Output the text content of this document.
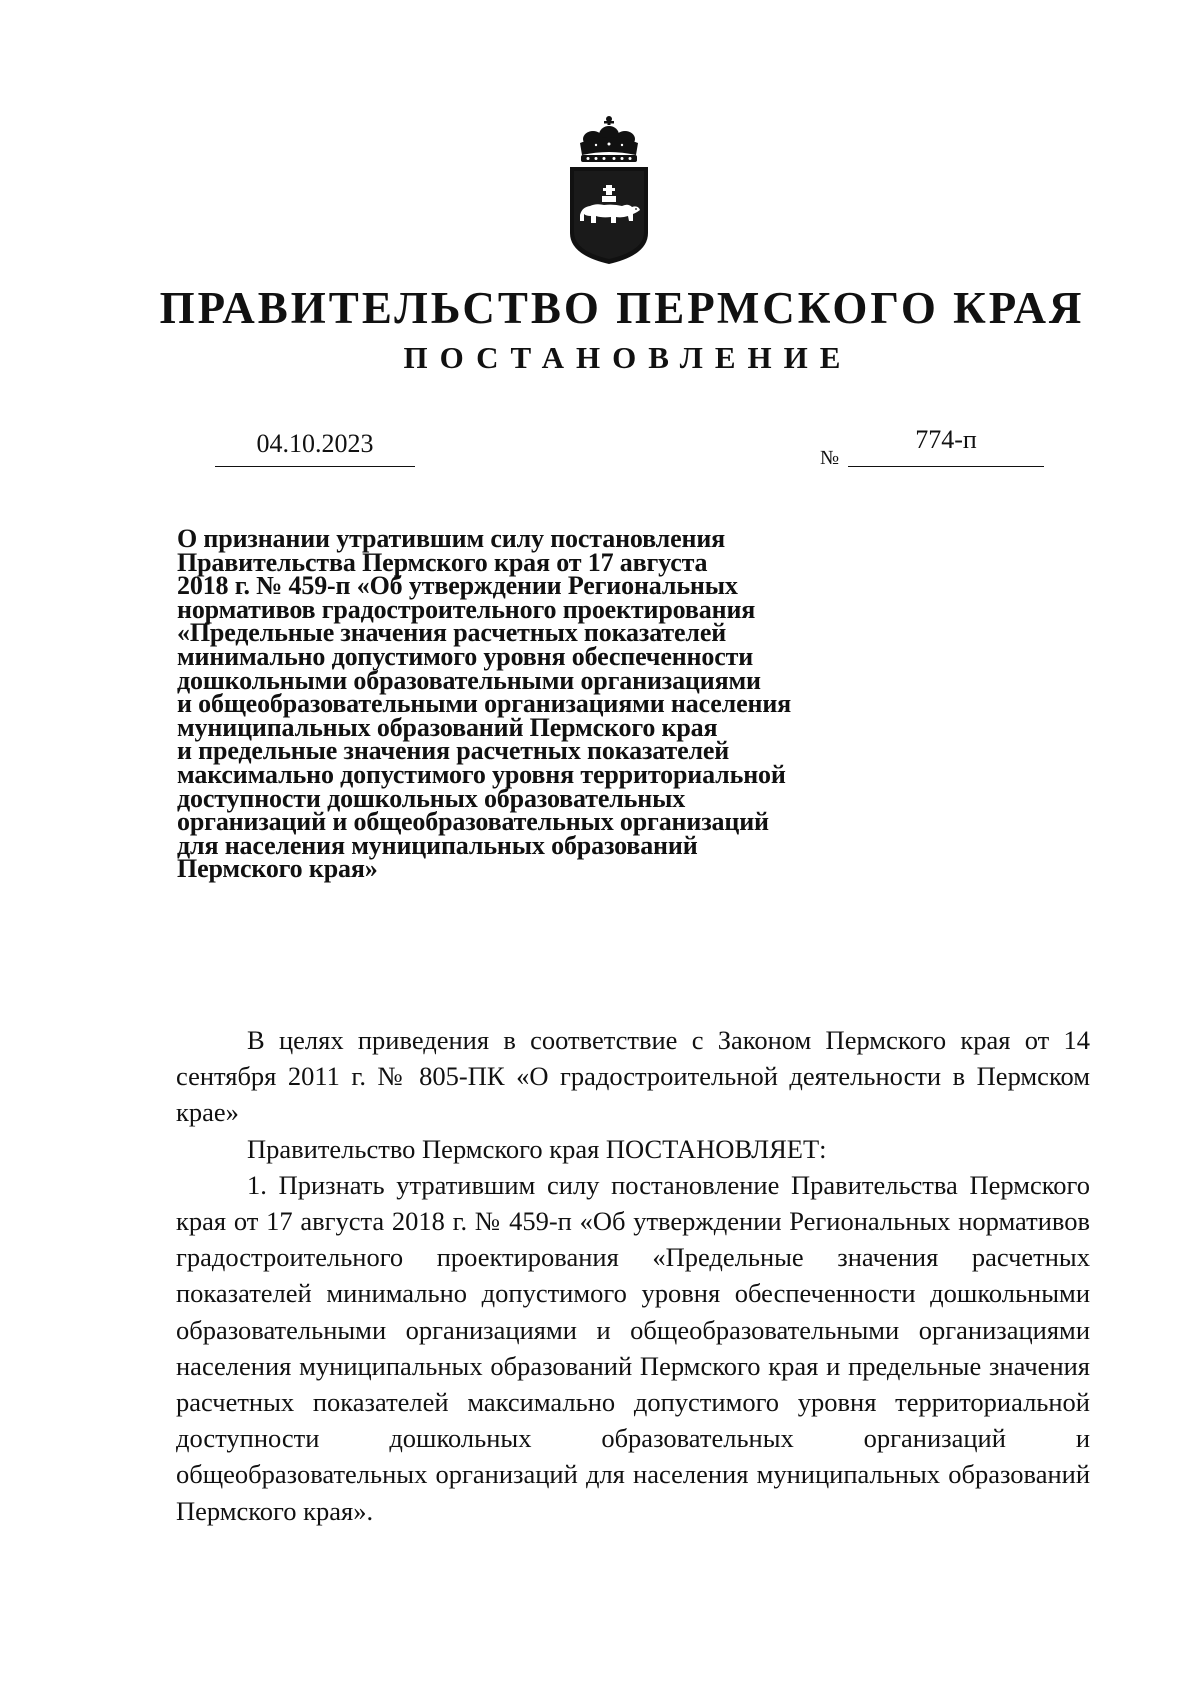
ПРАВИТЕЛЬСТВО ПЕРМСКОГО КРАЯ
ПОСТАНОВЛЕНИЕ
04.10.2023	№
774-п
О признании утратившим силу постановления
Правительства Пермского края от 17 августа
2018 г. № 459-п «Об утверждении Региональных
нормативов градостроительного проектирования
«Предельные значения расчетных показателей
минимально допустимого уровня обеспеченности
дошкольными образовательными организациями
и общеобразовательными организациями населения
муниципальных образований Пермского края
и предельные значения расчетных показателей
максимально допустимого уровня территориальной
доступности дошкольных образовательных
организаций и общеобразовательных организаций
для населения муниципальных образований
Пермского края»

В целях приведения в соответствие с Законом Пермского края от 14 сентября 2011 г. № 805-ПК «О градостроительной деятельности в Пермском крае»

Правительство Пермского края ПОСТАНОВЛЯЕТ:

1. Признать утратившим силу постановление Правительства Пермского края от 17 августа 2018 г. № 459-п «Об утверждении Региональных нормативов градостроительного проектирования «Предельные значения расчетных показателей минимально допустимого уровня обеспеченности дошкольными образовательными организациями и общеобразовательными организациями населения муниципальных образований Пермского края и предельные значения расчетных показателей максимально допустимого уровня территориальной доступности дошкольных образовательных организаций и общеобразовательных организаций для населения муниципальных образований Пермского края».
